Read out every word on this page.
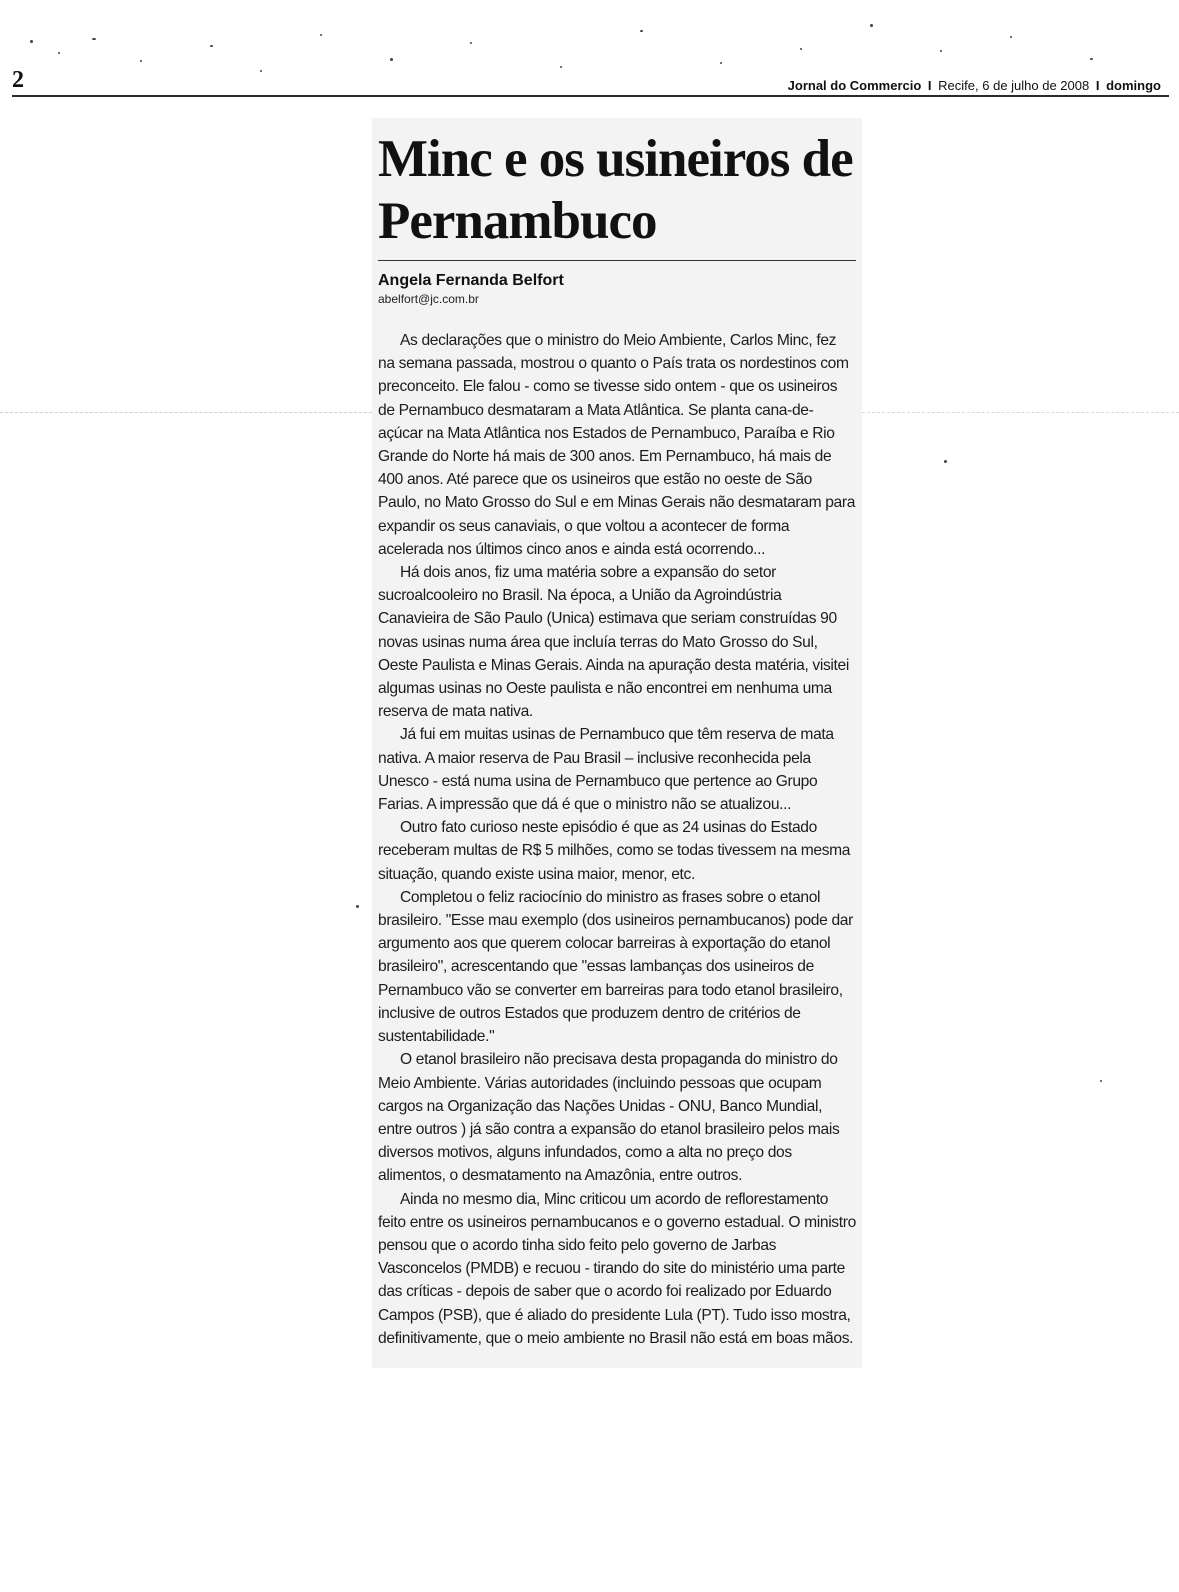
2	Jornal do Commercio I Recife, 6 de julho de 2008 I domingo
Minc e os usineiros de Pernambuco
Angela Fernanda Belfort
abelfort@jc.com.br

As declarações que o ministro do Meio Ambiente, Carlos Minc, fez na semana passada, mostrou o quanto o País trata os nordestinos com preconceito. Ele falou - como se tivesse sido ontem - que os usineiros de Pernambuco desmataram a Mata Atlântica. Se planta cana-de-açúcar na Mata Atlântica nos Estados de Pernambuco, Paraíba e Rio Grande do Norte há mais de 300 anos. Em Pernambuco, há mais de 400 anos. Até parece que os usineiros que estão no oeste de São Paulo, no Mato Grosso do Sul e em Minas Gerais não desmataram para expandir os seus canaviais, o que voltou a acontecer de forma acelerada nos últimos cinco anos e ainda está ocorrendo...

Há dois anos, fiz uma matéria sobre a expansão do setor sucroalcooleiro no Brasil. Na época, a União da Agroindústria Canavieira de São Paulo (Unica) estimava que seriam construídas 90 novas usinas numa área que incluía terras do Mato Grosso do Sul, Oeste Paulista e Minas Gerais. Ainda na apuração desta matéria, visitei algumas usinas no Oeste paulista e não encontrei em nenhuma uma reserva de mata nativa.

Já fui em muitas usinas de Pernambuco que têm reserva de mata nativa. A maior reserva de Pau Brasil – inclusive reconhecida pela Unesco - está numa usina de Pernambuco que pertence ao Grupo Farias. A impressão que dá é que o ministro não se atualizou...

Outro fato curioso neste episódio é que as 24 usinas do Estado receberam multas de R$ 5 milhões, como se todas tivessem na mesma situação, quando existe usina maior, menor, etc.

Completou o feliz raciocínio do ministro as frases sobre o etanol brasileiro. "Esse mau exemplo (dos usineiros pernambucanos) pode dar argumento aos que querem colocar barreiras à exportação do etanol brasileiro", acrescentando que "essas lambanças dos usineiros de Pernambuco vão se converter em barreiras para todo etanol brasileiro, inclusive de outros Estados que produzem dentro de critérios de sustentabilidade."

O etanol brasileiro não precisava desta propaganda do ministro do Meio Ambiente. Várias autoridades (incluindo pessoas que ocupam cargos na Organização das Nações Unidas - ONU, Banco Mundial, entre outros ) já são contra a expansão do etanol brasileiro pelos mais diversos motivos, alguns infundados, como a alta no preço dos alimentos, o desmatamento na Amazônia, entre outros.

Ainda no mesmo dia, Minc criticou um acordo de reflorestamento feito entre os usineiros pernambucanos e o governo estadual. O ministro pensou que o acordo tinha sido feito pelo governo de Jarbas Vasconcelos (PMDB) e recuou - tirando do site do ministério uma parte das críticas - depois de saber que o acordo foi realizado por Eduardo Campos (PSB), que é aliado do presidente Lula (PT). Tudo isso mostra, definitivamente, que o meio ambiente no Brasil não está em boas mãos.
